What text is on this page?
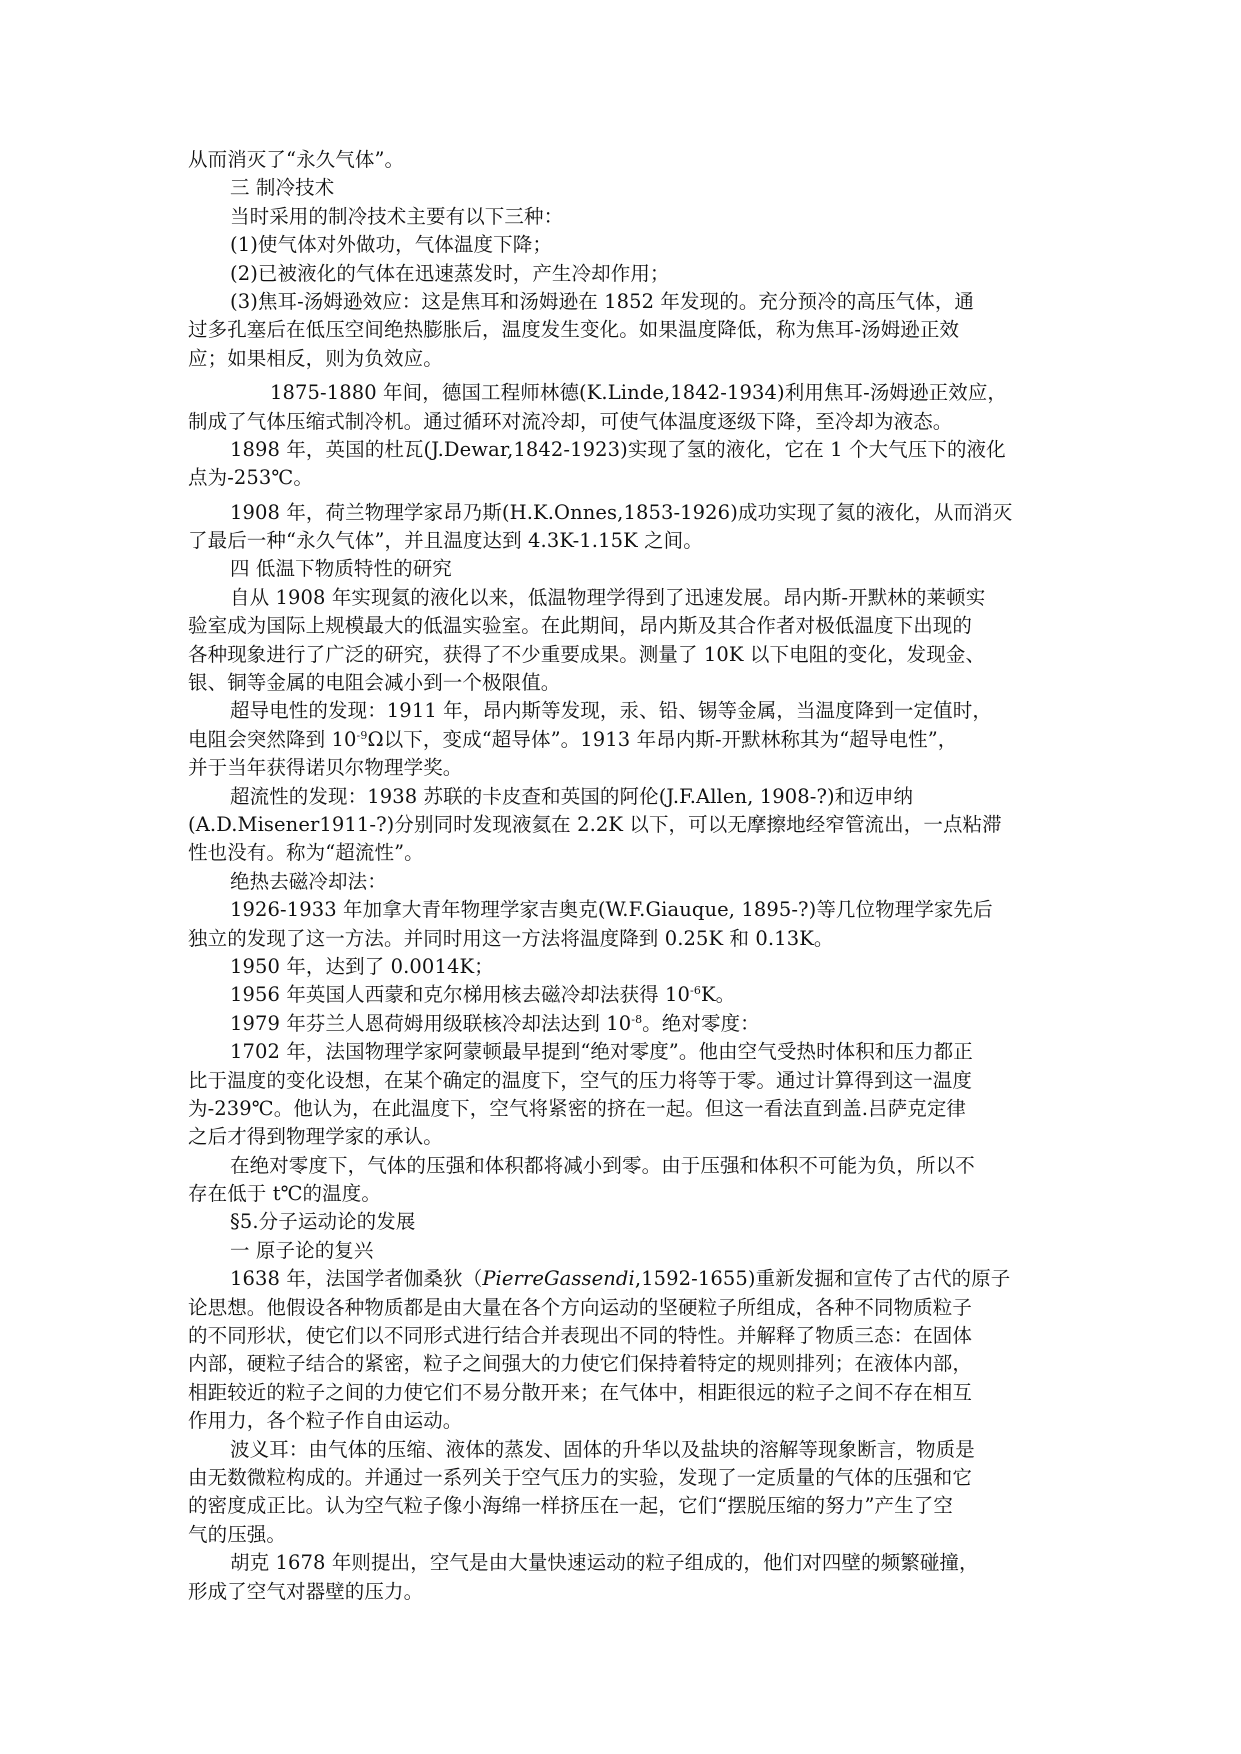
从而消灭了“永久气体”。
三 制冷技术
当时采用的制冷技术主要有以下三种：
(1)使气体对外做功，气体温度下降；
(2)已被液化的气体在迅速蒸发时，产生冷却作用；
(3)焦耳-汤姆逊效应：这是焦耳和汤姆逊在 1852 年发现的。充分预冷的高压气体，通
过多孔塞后在低压空间绝热膨胀后，温度发生变化。如果温度降低，称为焦耳-汤姆逊正效
应；如果相反，则为负效应。
1875-1880 年间，德国工程师林德(K.Linde,1842-1934)利用焦耳-汤姆逊正效应，
制成了气体压缩式制冷机。通过循环对流冷却，可使气体温度逐级下降，至冷却为液态。
1898 年，英国的杜瓦(J.Dewar,1842-1923)实现了氢的液化，它在 1 个大气压下的液化
点为-253℃。
1908 年，荷兰物理学家昂乃斯(H.K.Onnes,1853-1926)成功实现了氦的液化，从而消灭
了最后一种“永久气体”，并且温度达到 4.3K-1.15K 之间。
四 低温下物质特性的研究
自从 1908 年实现氦的液化以来，低温物理学得到了迅速发展。昂内斯-开默林的莱顿实
验室成为国际上规模最大的低温实验室。在此期间，昂内斯及其合作者对极低温度下出现的
各种现象进行了广泛的研究，获得了不少重要成果。测量了 10K 以下电阻的变化，发现金、
银、铜等金属的电阻会减小到一个极限值。
超导电性的发现：1911 年，昂内斯等发现，汞、铅、锡等金属，当温度降到一定值时，
电阻会突然降到 $10^{-9}\Omega$以下，变成“超导体”。1913 年昂内斯-开默林称其为“超导电性”，
并于当年获得诺贝尔物理学奖。
超流性的发现：1938 苏联的卡皮查和英国的阿伦(J.F.Allen, 1908-?)和迈申纳
(A.D.Misener1911-?)分别同时发现液氦在 2.2K 以下，可以无摩擦地经窄管流出，一点粘滞
性也没有。称为“超流性”。
绝热去磁冷却法：
1926-1933 年加拿大青年物理学家吉奥克(W.F.Giauque, 1895-?)等几位物理学家先后
独立的发现了这一方法。并同时用这一方法将温度降到 0.25K 和 0.13K。
1950 年，达到了 0.0014K；
1956 年英国人西蒙和克尔梯用核去磁冷却法获得 $10^{-6}K$。
1979 年芬兰人恩荷姆用级联核冷却法达到 $10^{-8}$。绝对零度：
1702 年，法国物理学家阿蒙顿最早提到“绝对零度”。他由空气受热时体积和压力都正
比于温度的变化设想，在某个确定的温度下，空气的压力将等于零。通过计算得到这一温度
为-239℃。他认为，在此温度下，空气将紧密的挤在一起。但这一看法直到盖.吕萨克定律
之后才得到物理学家的承认。
在绝对零度下，气体的压强和体积都将减小到零。由于压强和体积不可能为负，所以不
存在低于 t℃的温度。
§5.分子运动论的发展
一 原子论的复兴
1638 年，法国学者伽桑狄（PierreGassendi,1592-1655)重新发掘和宣传了古代的原子
论思想。他假设各种物质都是由大量在各个方向运动的坚硬粒子所组成，各种不同物质粒子
的不同形状，使它们以不同形式进行结合并表现出不同的特性。并解释了物质三态：在固体
内部，硬粒子结合的紧密，粒子之间强大的力使它们保持着特定的规则排列；在液体内部，
相距较近的粒子之间的力使它们不易分散开来；在气体中，相距很远的粒子之间不存在相互
作用力，各个粒子作自由运动。
波义耳：由气体的压缩、液体的蒸发、固体的升华以及盐块的溶解等现象断言，物质是
由无数微粒构成的。并通过一系列关于空气压力的实验，发现了一定质量的气体的压强和它
的密度成正比。认为空气粒子像小海绵一样挤压在一起，它们“摆脱压缩的努力”产生了空
气的压强。
胡克 1678 年则提出，空气是由大量快速运动的粒子组成的，他们对四壁的频繁碰撞，
形成了空气对器壁的压力。
